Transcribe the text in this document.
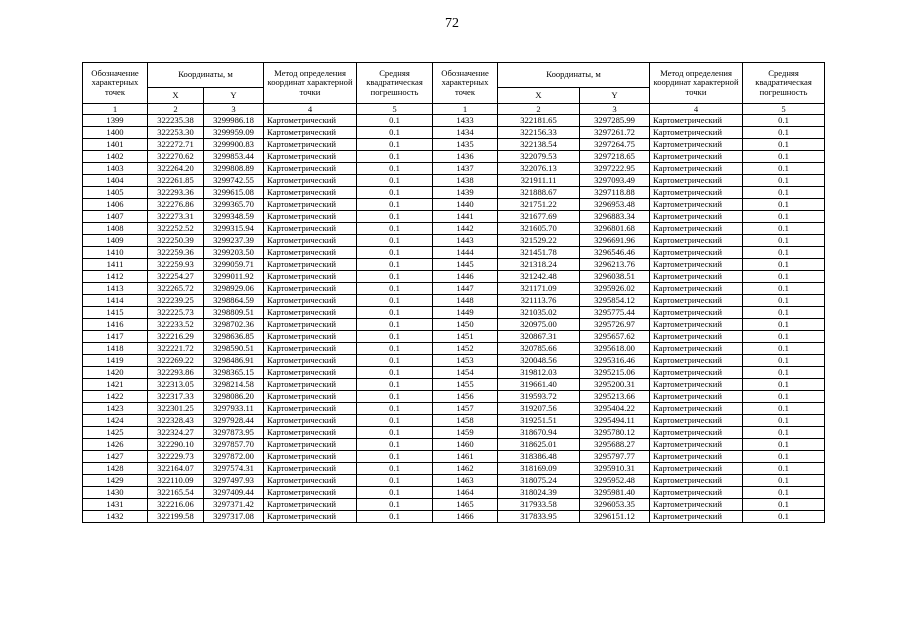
72
Обозначение характерных точек	Координаты, м		Метод определения координат характерной точки	Средняя квадратическая погрешность	Обозначение характерных точек	Координаты, м		Метод определения координат характерной точки	Средняя квадратическая погрешность
	X	Y				X	Y		
1	2	3	4	5	1	2	3	4	5
1399	322235.38	3299986.18	Картометрический	0.1	1433	322181.65	3297285.99	Картометрический	0.1
1400	322253.30	3299959.09	Картометрический	0.1	1434	322156.33	3297261.72	Картометрический	0.1
1401	322272.71	3299900.83	Картометрический	0.1	1435	322138.54	3297264.75	Картометрический	0.1
1402	322270.62	3299853.44	Картометрический	0.1	1436	322079.53	3297218.65	Картометрический	0.1
1403	322264.20	3299808.89	Картометрический	0.1	1437	322076.13	3297222.95	Картометрический	0.1
1404	322261.85	3299742.55	Картометрический	0.1	1438	321911.11	3297093.49	Картометрический	0.1
1405	322293.36	3299615.08	Картометрический	0.1	1439	321888.67	3297118.88	Картометрический	0.1
1406	322276.86	3299365.70	Картометрический	0.1	1440	321751.22	3296953.48	Картометрический	0.1
1407	322273.31	3299348.59	Картометрический	0.1	1441	321677.69	3296883.34	Картометрический	0.1
1408	322252.52	3299315.94	Картометрический	0.1	1442	321605.70	3296801.68	Картометрический	0.1
1409	322250.39	3299237.39	Картометрический	0.1	1443	321529.22	3296691.96	Картометрический	0.1
1410	322259.36	3299203.50	Картометрический	0.1	1444	321451.78	3296546.46	Картометрический	0.1
1411	322259.93	3299059.71	Картометрический	0.1	1445	321318.24	3296213.76	Картометрический	0.1
1412	322254.27	3299011.92	Картометрический	0.1	1446	321242.48	3296038.51	Картометрический	0.1
1413	322265.72	3298929.06	Картометрический	0.1	1447	321171.09	3295926.02	Картометрический	0.1
1414	322239.25	3298864.59	Картометрический	0.1	1448	321113.76	3295854.12	Картометрический	0.1
1415	322225.73	3298809.51	Картометрический	0.1	1449	321035.02	3295775.44	Картометрический	0.1
1416	322233.52	3298702.36	Картометрический	0.1	1450	320975.00	3295726.97	Картометрический	0.1
1417	322216.29	3298636.85	Картометрический	0.1	1451	320867.31	3295657.62	Картометрический	0.1
1418	322221.72	3298590.51	Картометрический	0.1	1452	320785.66	3295618.00	Картометрический	0.1
1419	322269.22	3298486.91	Картометрический	0.1	1453	320048.56	3295316.46	Картометрический	0.1
1420	322293.86	3298365.15	Картометрический	0.1	1454	319812.03	3295215.06	Картометрический	0.1
1421	322313.05	3298214.58	Картометрический	0.1	1455	319661.40	3295200.31	Картометрический	0.1
1422	322317.33	3298086.20	Картометрический	0.1	1456	319593.72	3295213.66	Картометрический	0.1
1423	322301.25	3297933.11	Картометрический	0.1	1457	319207.56	3295404.22	Картометрический	0.1
1424	322328.43	3297928.44	Картометрический	0.1	1458	319251.51	3295494.11	Картометрический	0.1
1425	322324.27	3297873.95	Картометрический	0.1	1459	318670.94	3295780.12	Картометрический	0.1
1426	322290.10	3297857.70	Картометрический	0.1	1460	318625.01	3295688.27	Картометрический	0.1
1427	322229.73	3297872.00	Картометрический	0.1	1461	318386.48	3295797.77	Картометрический	0.1
1428	322164.07	3297574.31	Картометрический	0.1	1462	318169.09	3295910.31	Картометрический	0.1
1429	322110.09	3297497.93	Картометрический	0.1	1463	318075.24	3295952.48	Картометрический	0.1
1430	322165.54	3297409.44	Картометрический	0.1	1464	318024.39	3295981.40	Картометрический	0.1
1431	322216.06	3297371.42	Картометрический	0.1	1465	317933.58	3296053.35	Картометрический	0.1
1432	322199.58	3297317.08	Картометрический	0.1	1466	317833.95	3296151.12	Картометрический	0.1
